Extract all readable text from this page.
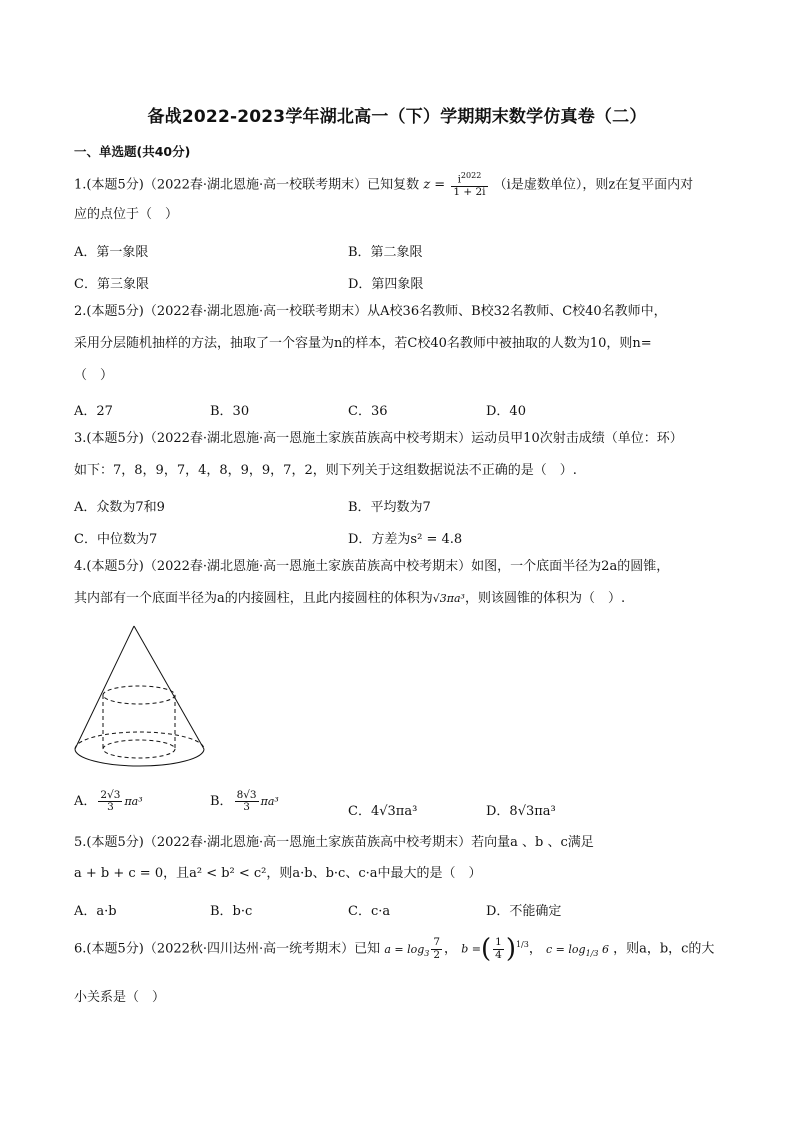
备战2022-2023学年湖北高一（下）学期期末数学仿真卷（二）
一、单选题(共40分)
1.(本题5分)（2022春·湖北恩施·高一校联考期末）已知复数 $z = \frac{i^{2022}}{1 + 2i} (i$是虚数单位），则z在复平面内对
应的点位于（　）
A．第一象限	B．第二象限
C．第三象限	D．第四象限
2.(本题5分)（2022春·湖北恩施·高一校联考期末）从A校36名教师、B校32名教师、C校40名教师中，
采用分层随机抽样的方法，抽取了一个容量为n的样本，若C校40名教师中被抽取的人数为10，则n=
（　）
A．27	B．30	C．36	D．40
3.(本题5分)（2022春·湖北恩施·高一恩施土家族苗族高中校考期末）运动员甲10次射击成绩（单位：环）
如下：7，8，9，7，4，8，9，9，7，2，则下列关于这组数据说法不正确的是（　）.
A．众数为7和9	B．平均数为7
C．中位数为7	D．方差为s² = 4.8
4.(本题5分)（2022春·湖北恩施·高一恩施土家族苗族高中校考期末）如图，一个底面半径为2a的圆锥，
其内部有一个底面半径为a的内接圆柱，且此内接圆柱的体积为√3πa³，则该圆锥的体积为（　）.
A． $\frac{2√3}{3} \pi a^3$	B． $\frac{8√3}{3} \pi a^3$
C．4√3πa³	D．8√3πa³
5.(本题5分)（2022春·湖北恩施·高一恩施土家族苗族高中校考期末）若向量a 、b 、c满足
a + b + c = 0，且a² < b² < c²，则a·b、b·c、c·a中最大的是（　）
A．a·b	B．b·c	C．c·a	D．不能确定
6.(本题5分)（2022秋·四川达州·高一统考期末）已知 $a = \log_3 \frac{7}{2}$ ， b =( $\frac{1}{4} )^{1/3}$， $c = \log_{1/3} 6$ ，则a，b，c的大
小关系是（　）
